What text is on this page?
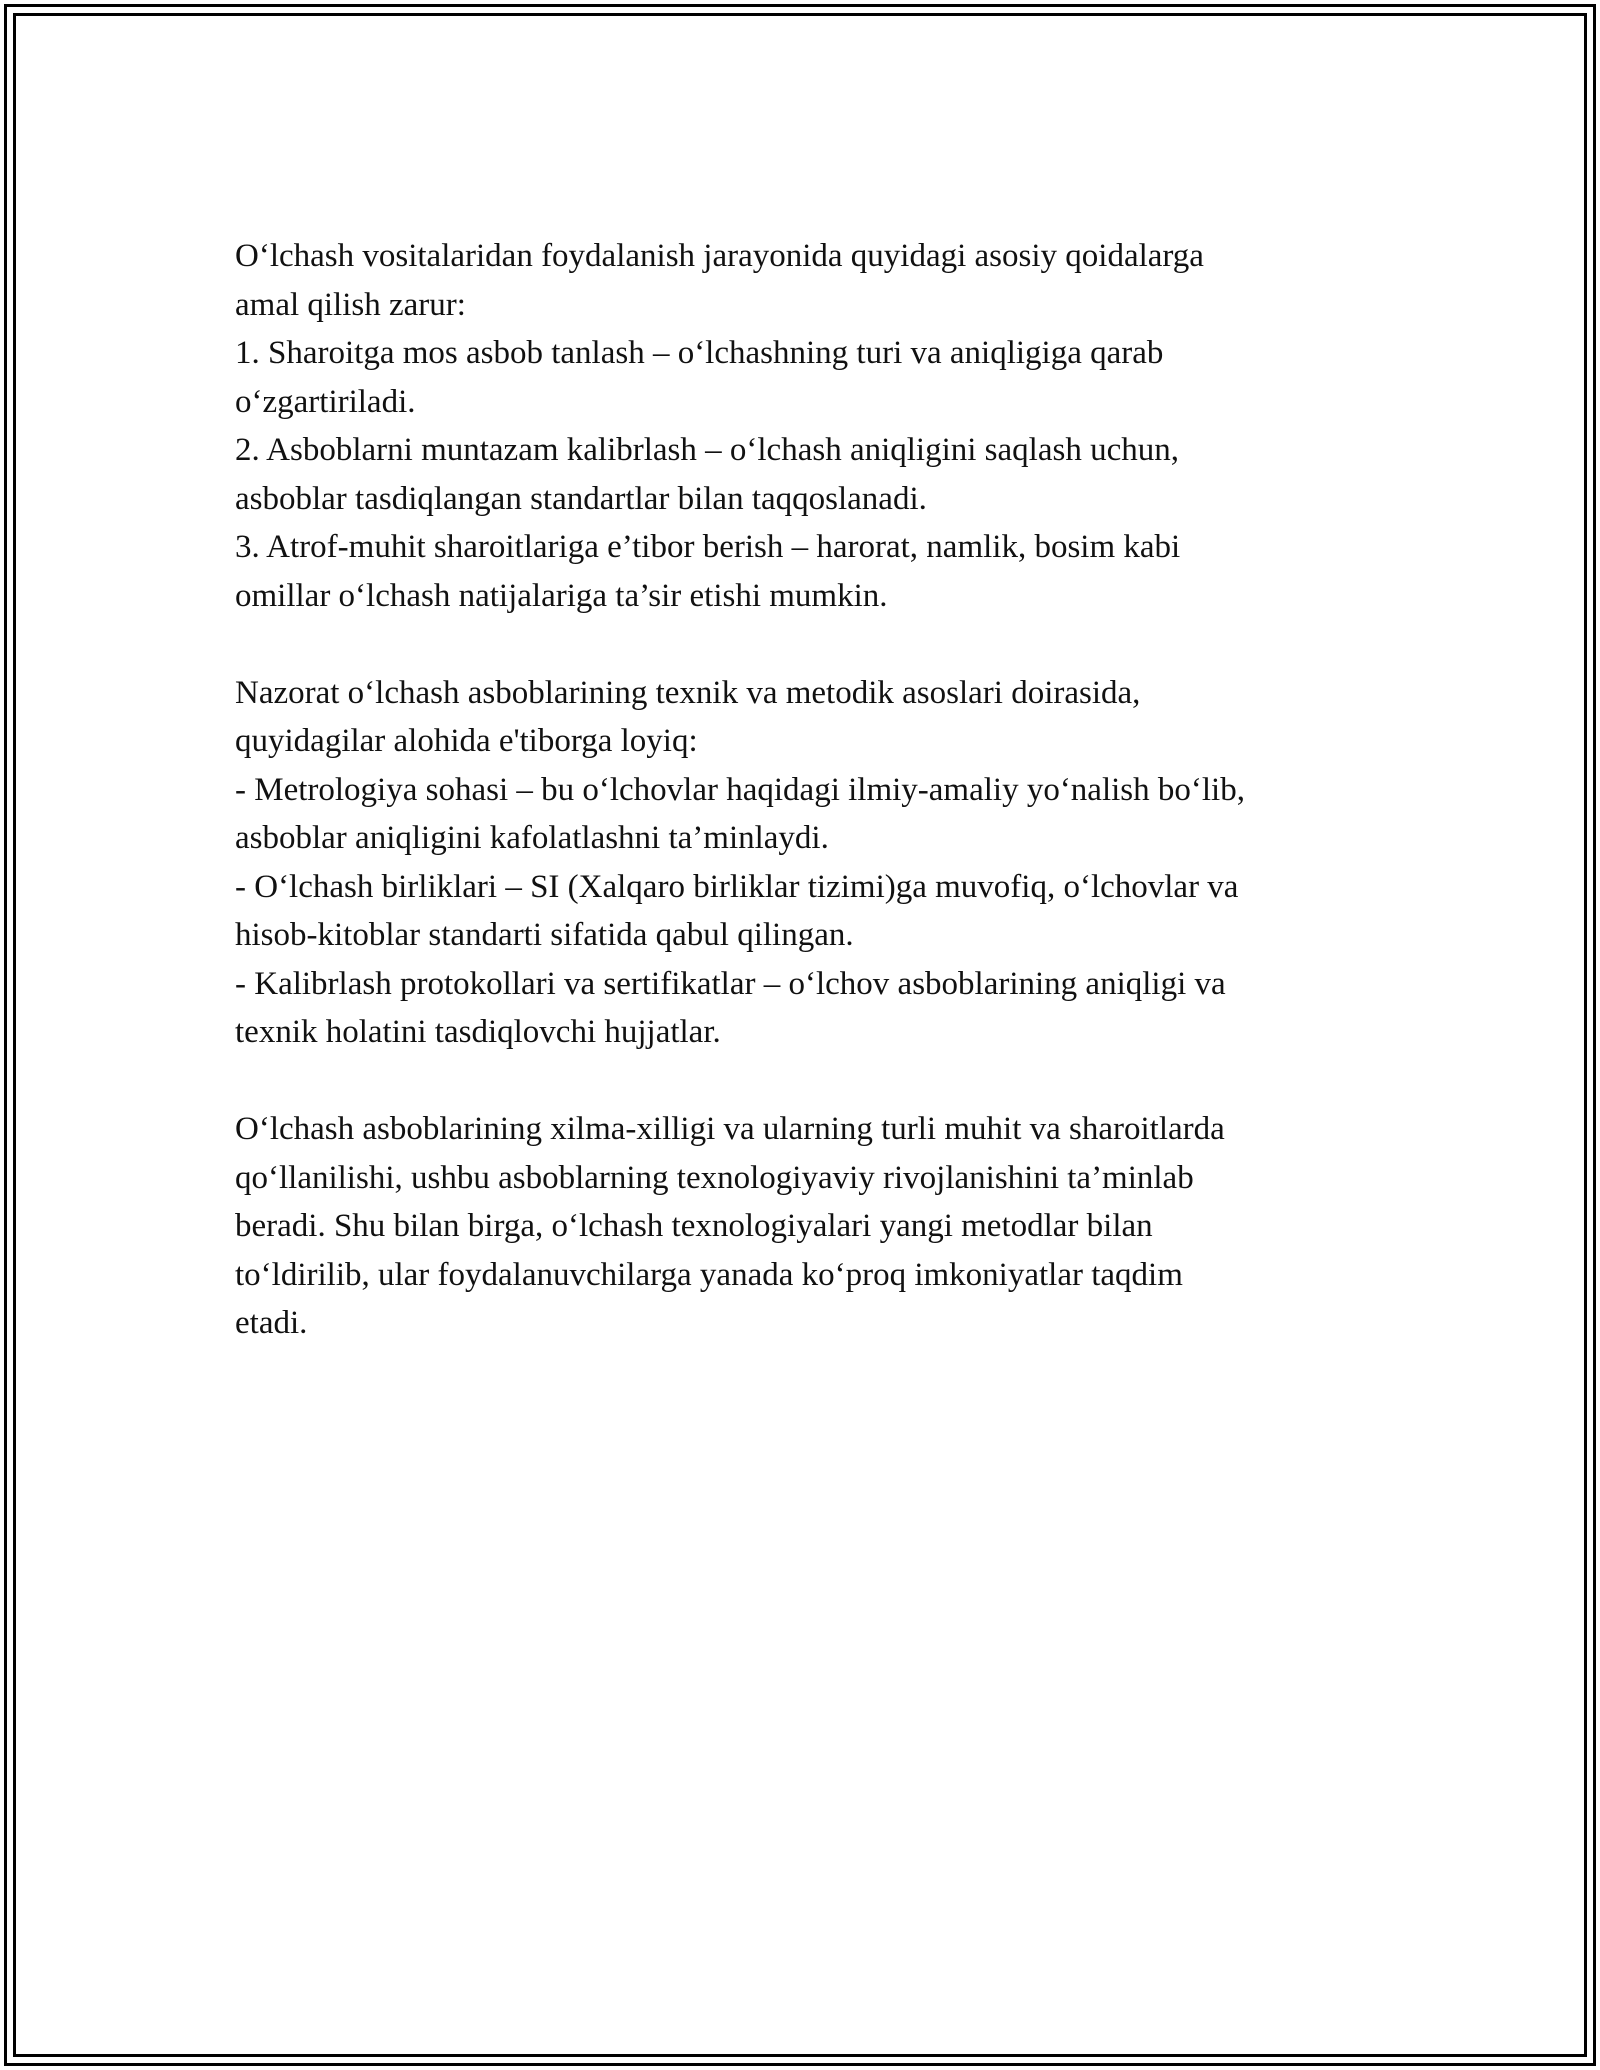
O‘lchash vositalaridan foydalanish jarayonida quyidagi asosiy qoidalarga
amal qilish zarur:
1. Sharoitga mos asbob tanlash – o‘lchashning turi va aniqligiga qarab
o‘zgartiriladi.
2. Asboblarni muntazam kalibrlash – o‘lchash aniqligini saqlash uchun,
asboblar tasdiqlangan standartlar bilan taqqoslanadi.
3. Atrof-muhit sharoitlariga e’tibor berish – harorat, namlik, bosim kabi
omillar o‘lchash natijalariga ta’sir etishi mumkin.

Nazorat o‘lchash asboblarining texnik va metodik asoslari doirasida,
quyidagilar alohida e'tiborga loyiq:
- Metrologiya sohasi – bu o‘lchovlar haqidagi ilmiy-amaliy yo‘nalish bo‘lib,
asboblar aniqligini kafolatlashni ta’minlaydi.
- O‘lchash birliklari – SI (Xalqaro birliklar tizimi)ga muvofiq, o‘lchovlar va
hisob-kitoblar standarti sifatida qabul qilingan.
- Kalibrlash protokollari va sertifikatlar – o‘lchov asboblarining aniqligi va
texnik holatini tasdiqlovchi hujjatlar.

O‘lchash asboblarining xilma-xilligi va ularning turli muhit va sharoitlarda
qo‘llanilishi, ushbu asboblarning texnologiyaviy rivojlanishini ta’minlab
beradi. Shu bilan birga, o‘lchash texnologiyalari yangi metodlar bilan
to‘ldirilib, ular foydalanuvchilarga yanada ko‘proq imkoniyatlar taqdim
etadi.
